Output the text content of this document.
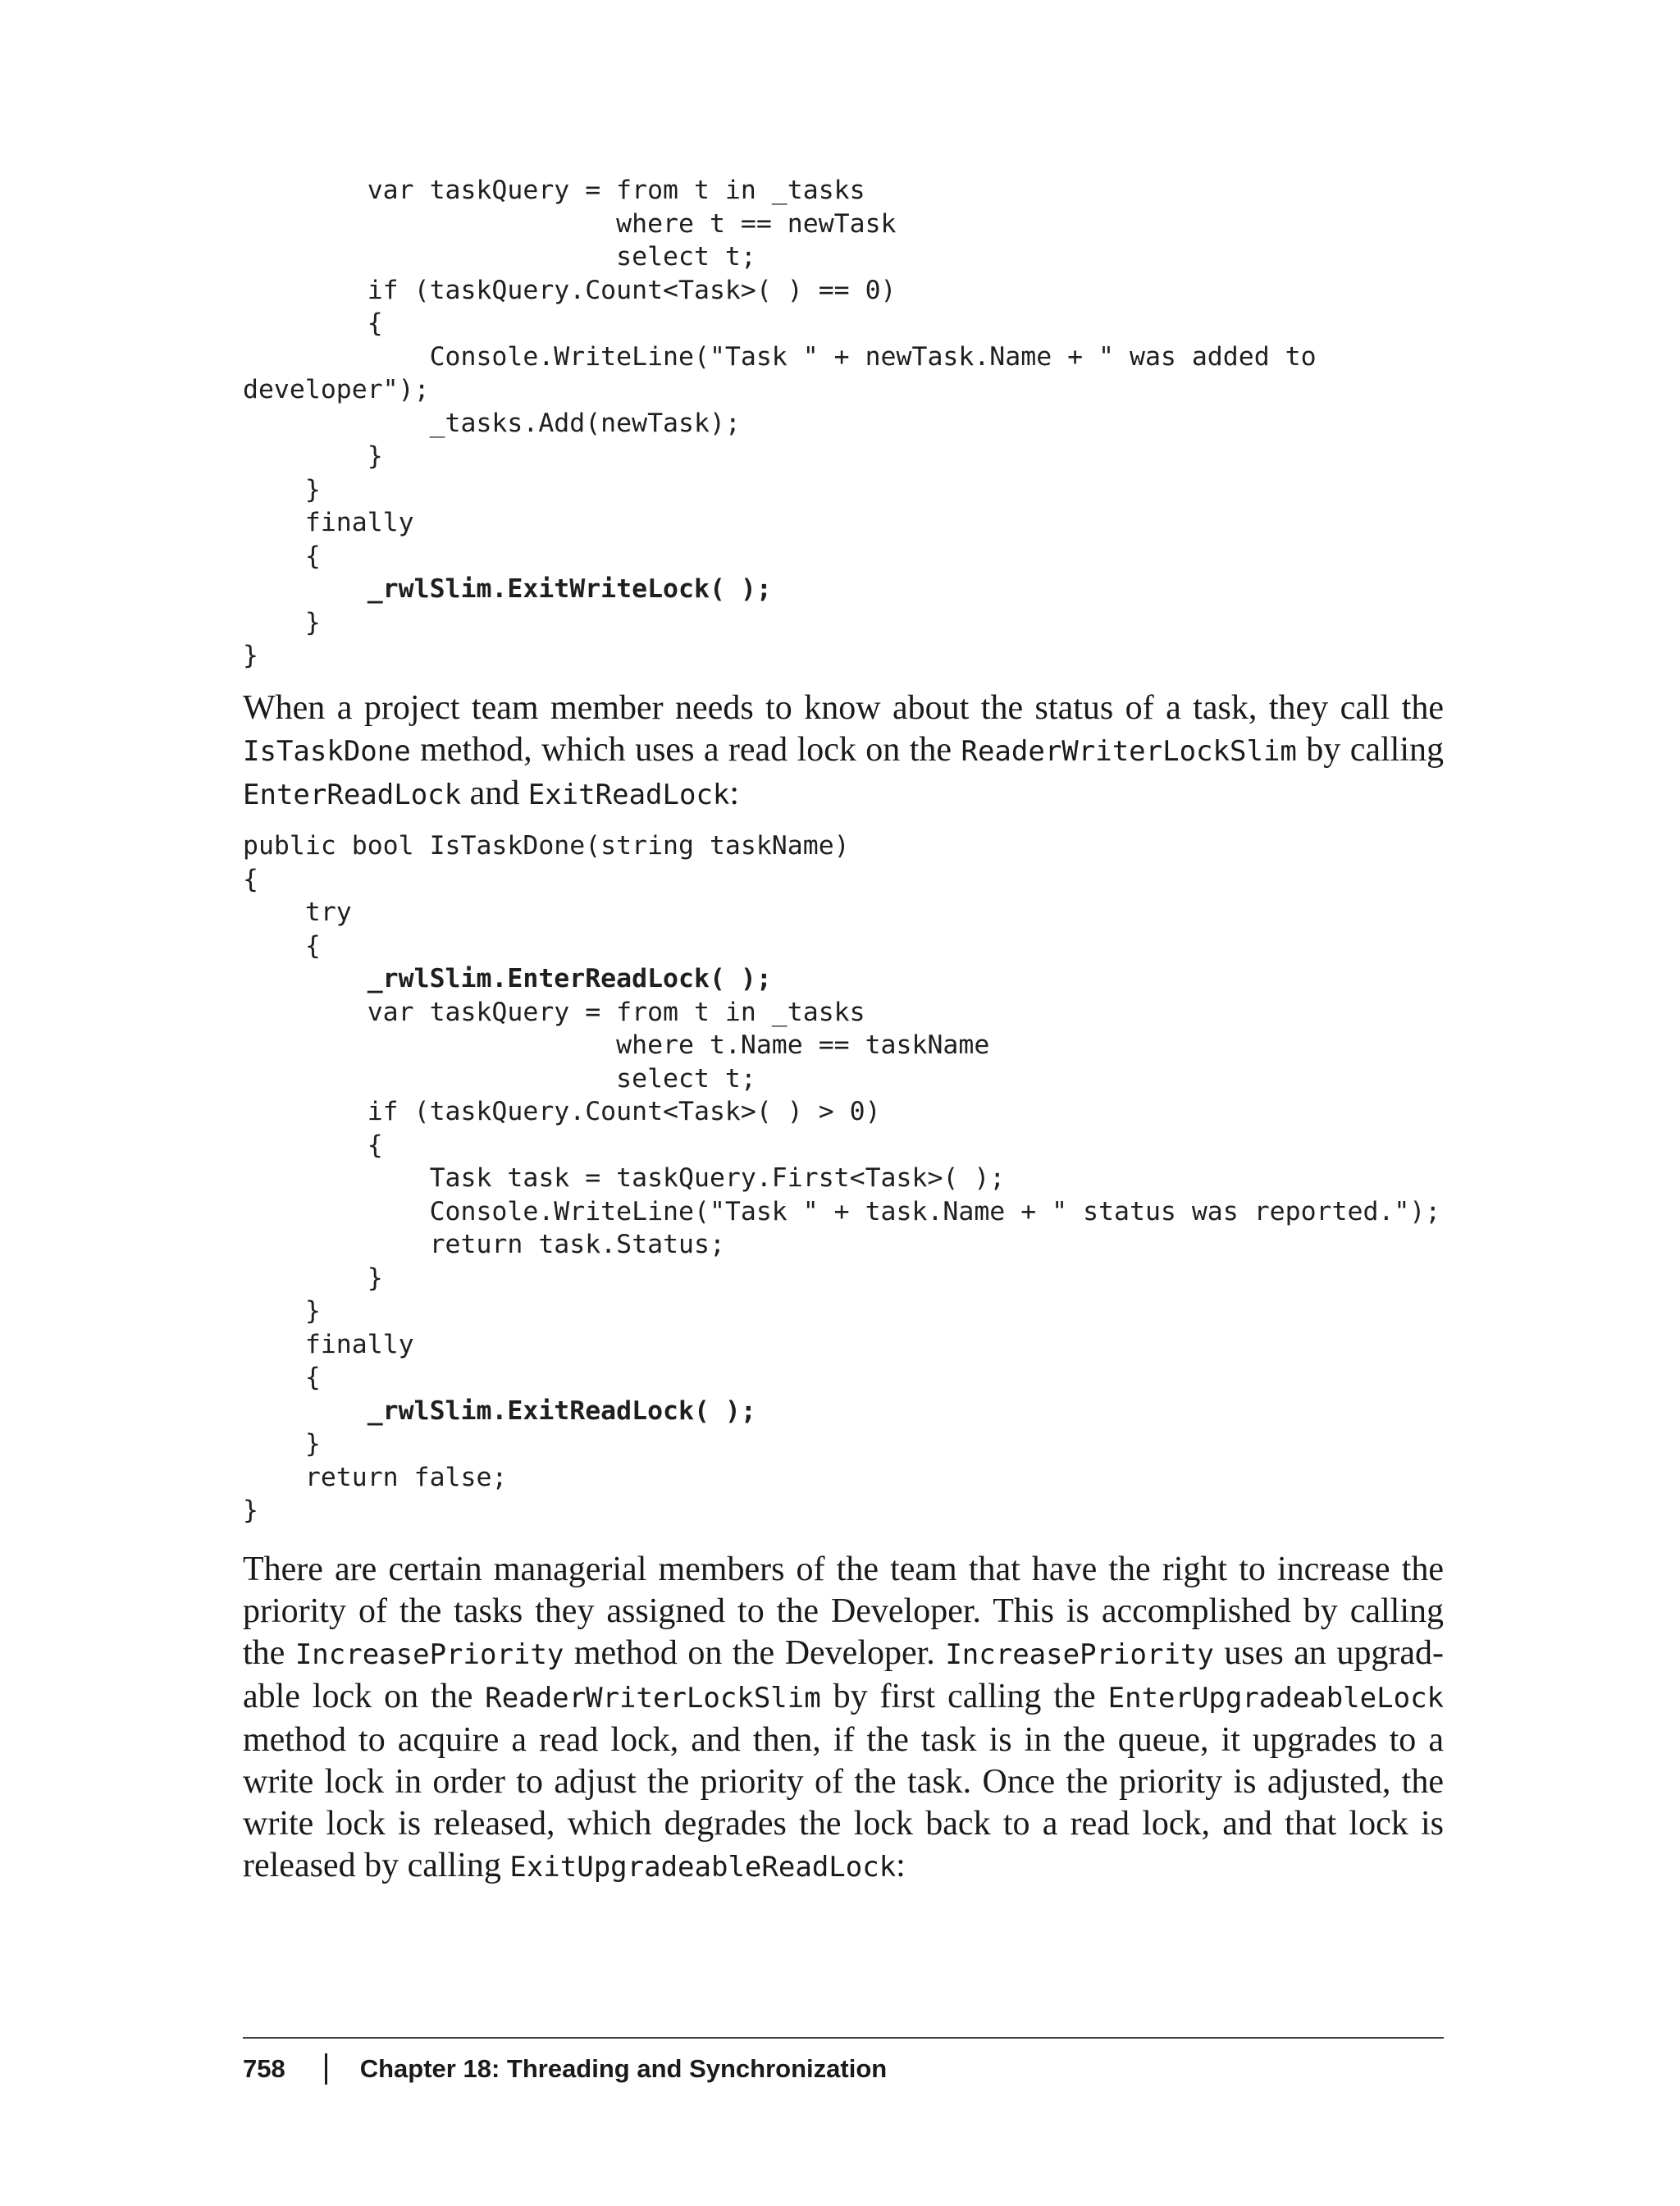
var taskQuery = from t in _tasks
where t == newTask
select t;
if (taskQuery.Count<Task>( ) == 0)
{
Console.WriteLine("Task " + newTask.Name + " was added to
developer");
_tasks.Add(newTask);
}
}
finally
{
_rwlSlim.ExitWriteLock( );
}
}

When a project team member needs to know about the status of a task, they call the IsTaskDone method, which uses a read lock on the ReaderWriterLockSlim by calling EnterReadLock and ExitReadLock:

public bool IsTaskDone(string taskName)
{
try
{
_rwlSlim.EnterReadLock( );
var taskQuery = from t in _tasks
where t.Name == taskName
select t;
if (taskQuery.Count<Task>( ) > 0)
{
Task task = taskQuery.First<Task>( );
Console.WriteLine("Task " + task.Name + " status was reported.");
return task.Status;
}
}
finally
{
_rwlSlim.ExitReadLock( );
}
return false;
}

There are certain managerial members of the team that have the right to increase the priority of the tasks they assigned to the Developer. This is accomplished by calling the IncreasePriority method on the Developer. IncreasePriority uses an upgradable lock on the ReaderWriterLockSlim by first calling the EnterUpgradeableLock method to acquire a read lock, and then, if the task is in the queue, it upgrades to a write lock in order to adjust the priority of the task. Once the priority is adjusted, the write lock is released, which degrades the lock back to a read lock, and that lock is released by calling ExitUpgradeableReadLock:

758	Chapter 18: Threading and Synchronization
